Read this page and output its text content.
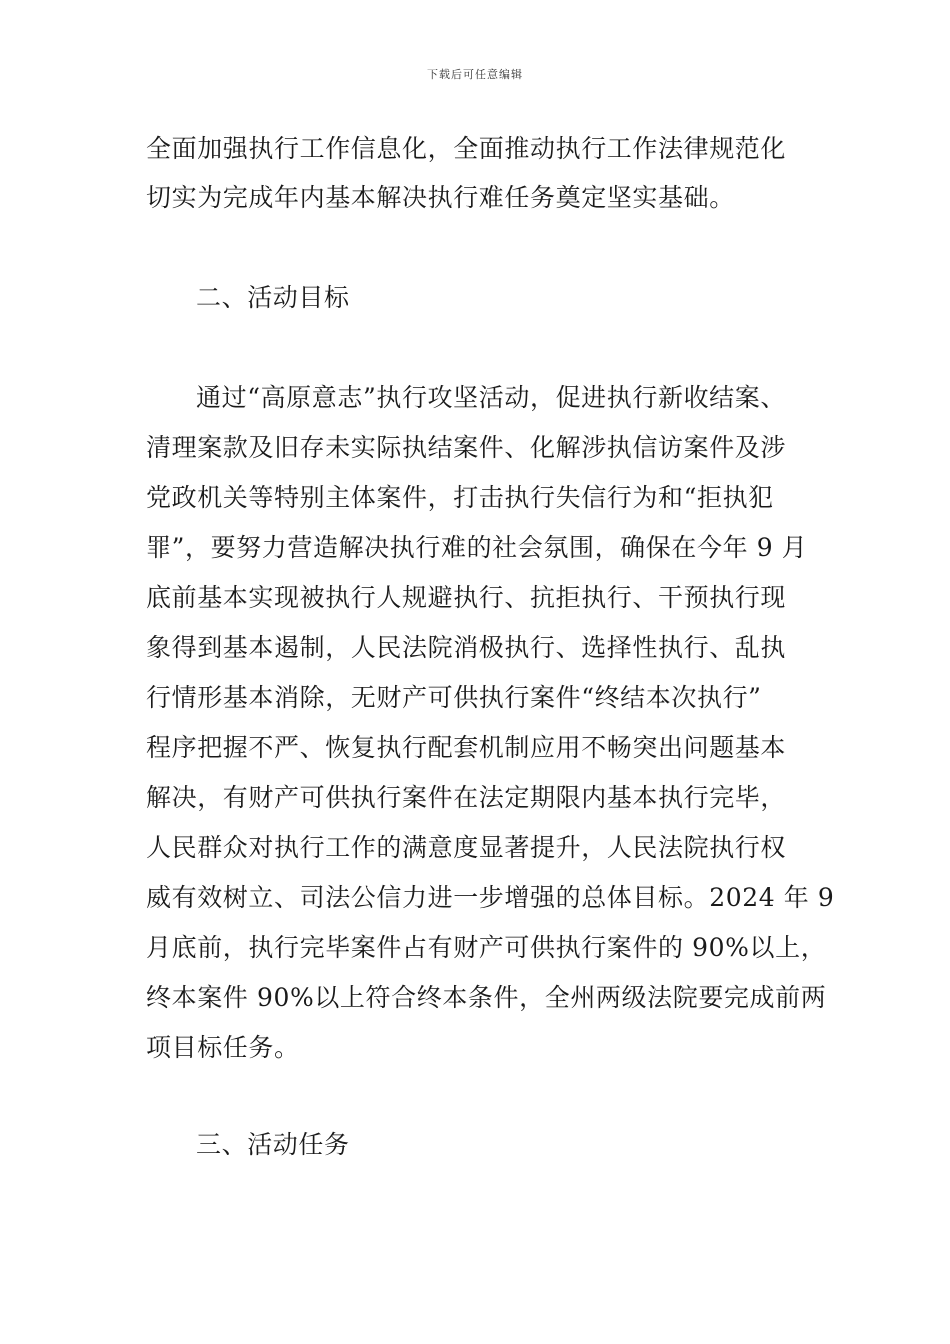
下载后可任意编辑
全面加强执行工作信息化，全面推动执行工作法律规范化
切实为完成年内基本解决执行难任务奠定坚实基础。
二、活动目标
通过“高原意志”执行攻坚活动，促进执行新收结案、
清理案款及旧存未实际执结案件、化解涉执信访案件及涉
党政机关等特别主体案件，打击执行失信行为和“拒执犯
罪”，要努力营造解决执行难的社会氛围，确保在今年 9 月
底前基本实现被执行人规避执行、抗拒执行、干预执行现
象得到基本遏制，人民法院消极执行、选择性执行、乱执
行情形基本消除，无财产可供执行案件“终结本次执行”
程序把握不严、恢复执行配套机制应用不畅突出问题基本
解决，有财产可供执行案件在法定期限内基本执行完毕，
人民群众对执行工作的满意度显著提升，人民法院执行权
威有效树立、司法公信力进一步增强的总体目标。2024 年 9
月底前，执行完毕案件占有财产可供执行案件的 90%以上，
终本案件 90%以上符合终本条件，全州两级法院要完成前两
项目标任务。
三、活动任务
